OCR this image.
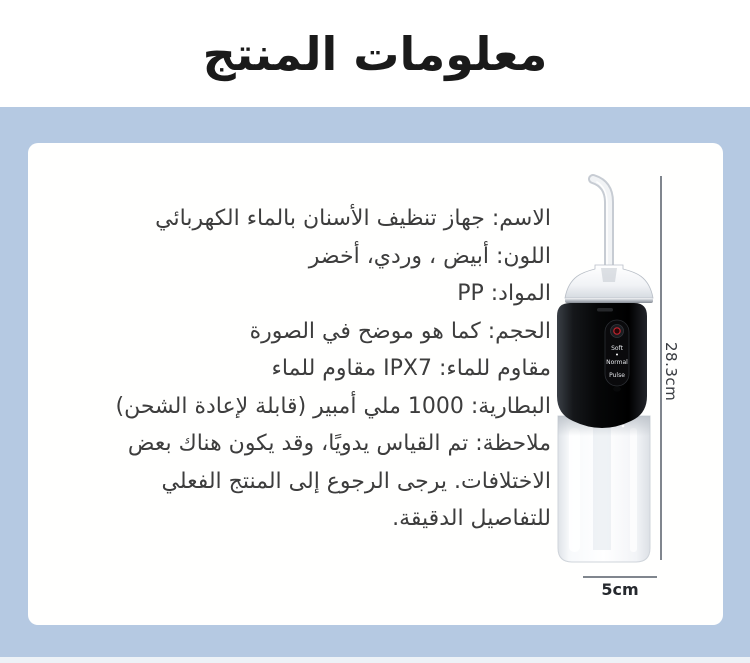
معلومات المنتج
الاسم: جهاز تنظيف الأسنان بالماء الكهربائي
اللون: أبيض ، وردي، أخضر
المواد: PP
الحجم: كما هو موضح في الصورة
مقاوم للماء: IPX7 مقاوم للماء
البطارية: 1000 ملي أمبير (قابلة لإعادة الشحن)
ملاحظة: تم القياس يدويًا، وقد يكون هناك بعض
الاختلافات. يرجى الرجوع إلى المنتج الفعلي
للتفاصيل الدقيقة.
Soft
Normal
Pulse 28.3cm
5cm
